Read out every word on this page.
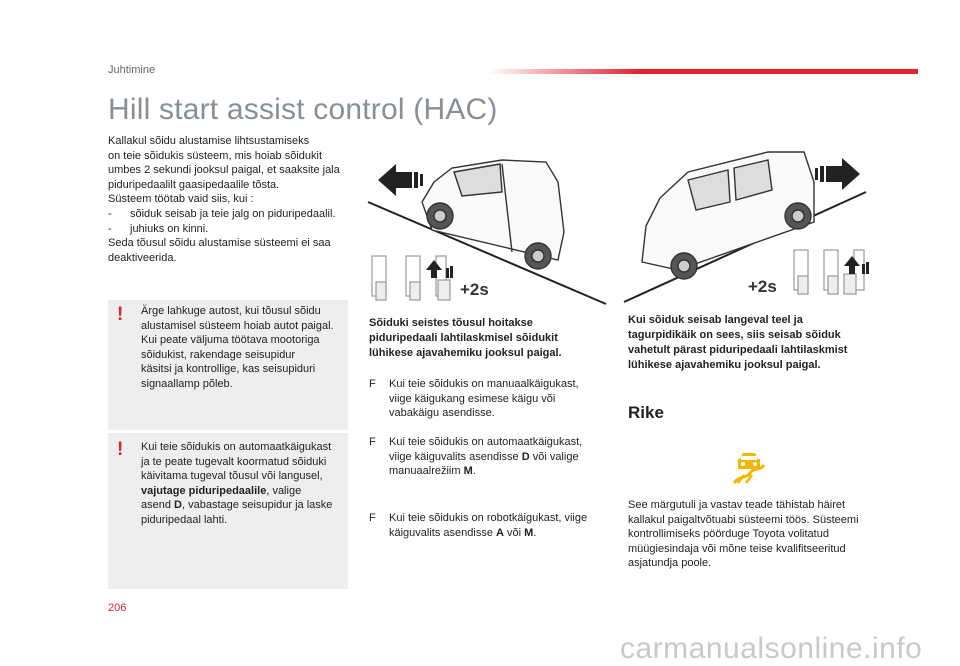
Juhtimine
Hill start assist control (HAC)

Kallakul sõidu alustamise lihtsustamiseks

on teie sõidukis süsteem, mis hoiab sõidukit

umbes 2 sekundi jooksul paigal, et saaksite jala

piduripedaalilt gaasipedaalile tõsta.

Süsteem töötab vaid siis, kui :

-	sõiduk seisab ja teie jalg on piduripedaalil.
-	juhiuks on kinni.

Seda tõusul sõidu alustamise süsteemi ei saa

deaktiveerida.

! Ärge lahkuge autost, kui tõusul sõidu
alustamisel süsteem hoiab autot paigal.
Kui peate väljuma töötava mootoriga
sõidukist, rakendage seisupidur
käsitsi ja kontrollige, kas seisupiduri
signaallamp põleb.
! Kui teie sõidukis on automaatkäigukast
ja te peate tugevalt koormatud sõiduki
käivitama tugeval tõusul või langusel,
vajutage piduripedaalile, valige
asend D, vabastage seisupidur ja laske
piduripedaal lahti.
+2s	+2s
Sõiduki seistes tõusul hoitakse
piduripedaali lahtilaskmisel sõidukit
lühikese ajavahemiku jooksul paigal.
Kui sõiduk seisab langeval teel ja
tagurpidikäik on sees, siis seisab sõiduk
vahetult pärast piduripedaali lahtilaskmist
lühikese ajavahemiku jooksul paigal.
F	Kui teie sõidukis on manuaalkäigukast,
viige käigukang esimese käigu või
vabakäigu asendisse.
F	Kui teie sõidukis on automaatkäigukast,
viige käiguvalits asendisse D või valige
manuaalrežiim M.
F	Kui teie sõidukis on robotkäigukast, viige
käiguvalits asendisse A või M.
Rike
See märgutuli ja vastav teade tähistab häiret
kallakul paigaltvõtuabi süsteemi töös. Süsteemi
kontrollimiseks pöörduge Toyota volitatud
müügiesindaja või mõne teise kvalifitseeritud
asjatundja poole.
206
carmanualsonline.info
